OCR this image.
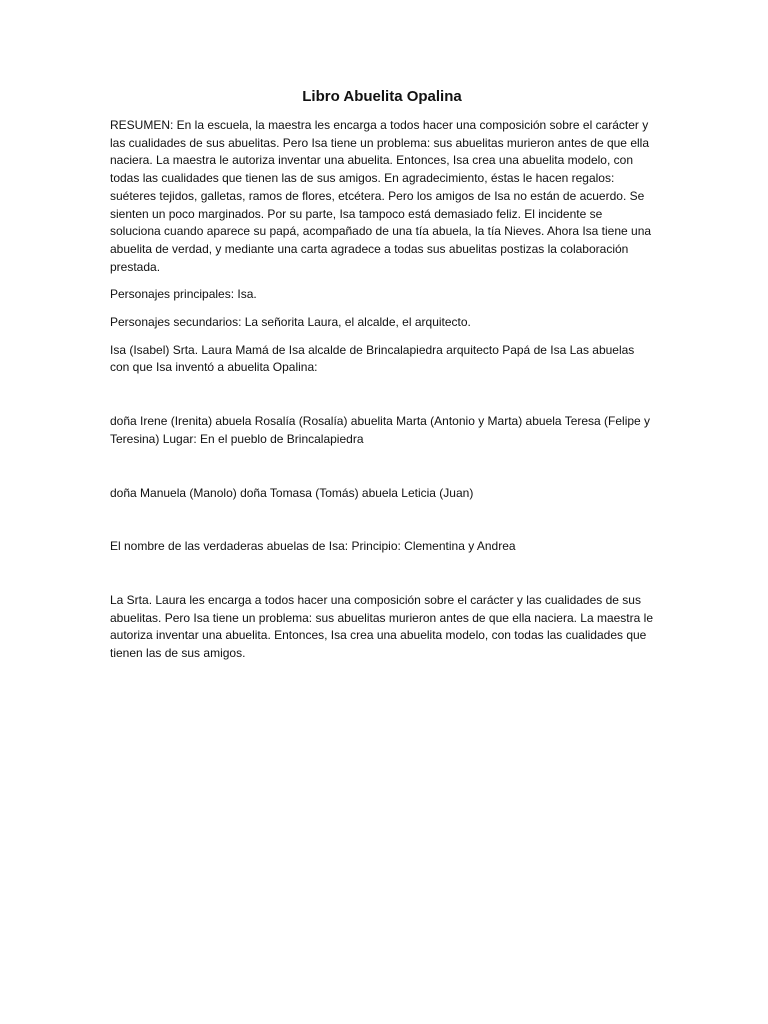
Libro Abuelita Opalina

RESUMEN: En la escuela, la maestra les encarga a todos hacer una composición sobre el carácter y las cualidades de sus abuelitas. Pero Isa tiene un problema: sus abuelitas murieron antes de que ella naciera. La maestra le autoriza inventar una abuelita. Entonces, Isa crea una abuelita modelo, con todas las cualidades que tienen las de sus amigos. En agradecimiento, éstas le hacen regalos: suéteres tejidos, galletas, ramos de flores, etcétera. Pero los amigos de Isa no están de acuerdo. Se sienten un poco marginados. Por su parte, Isa tampoco está demasiado feliz. El incidente se soluciona cuando aparece su papá, acompañado de una tía abuela, la tía Nieves. Ahora Isa tiene una abuelita de verdad, y mediante una carta agradece a todas sus abuelitas postizas la colaboración prestada.

Personajes principales: Isa.

Personajes secundarios: La señorita Laura, el alcalde, el arquitecto.

Isa (Isabel) Srta. Laura Mamá de Isa alcalde de Brincalapiedra arquitecto Papá de Isa Las abuelas con que Isa inventó a abuelita Opalina:

doña Irene (Irenita) abuela Rosalía (Rosalía) abuelita Marta (Antonio y Marta) abuela Teresa (Felipe y Teresina) Lugar: En el pueblo de Brincalapiedra

doña Manuela (Manolo) doña Tomasa (Tomás) abuela Leticia (Juan)

El nombre de las verdaderas abuelas de Isa: Principio: Clementina y Andrea

La Srta. Laura les encarga a todos hacer una composición sobre el carácter y las cualidades de sus abuelitas. Pero Isa tiene un problema: sus abuelitas murieron antes de que ella naciera. La maestra le autoriza inventar una abuelita. Entonces, Isa crea una abuelita modelo, con todas las cualidades que tienen las de sus amigos.
